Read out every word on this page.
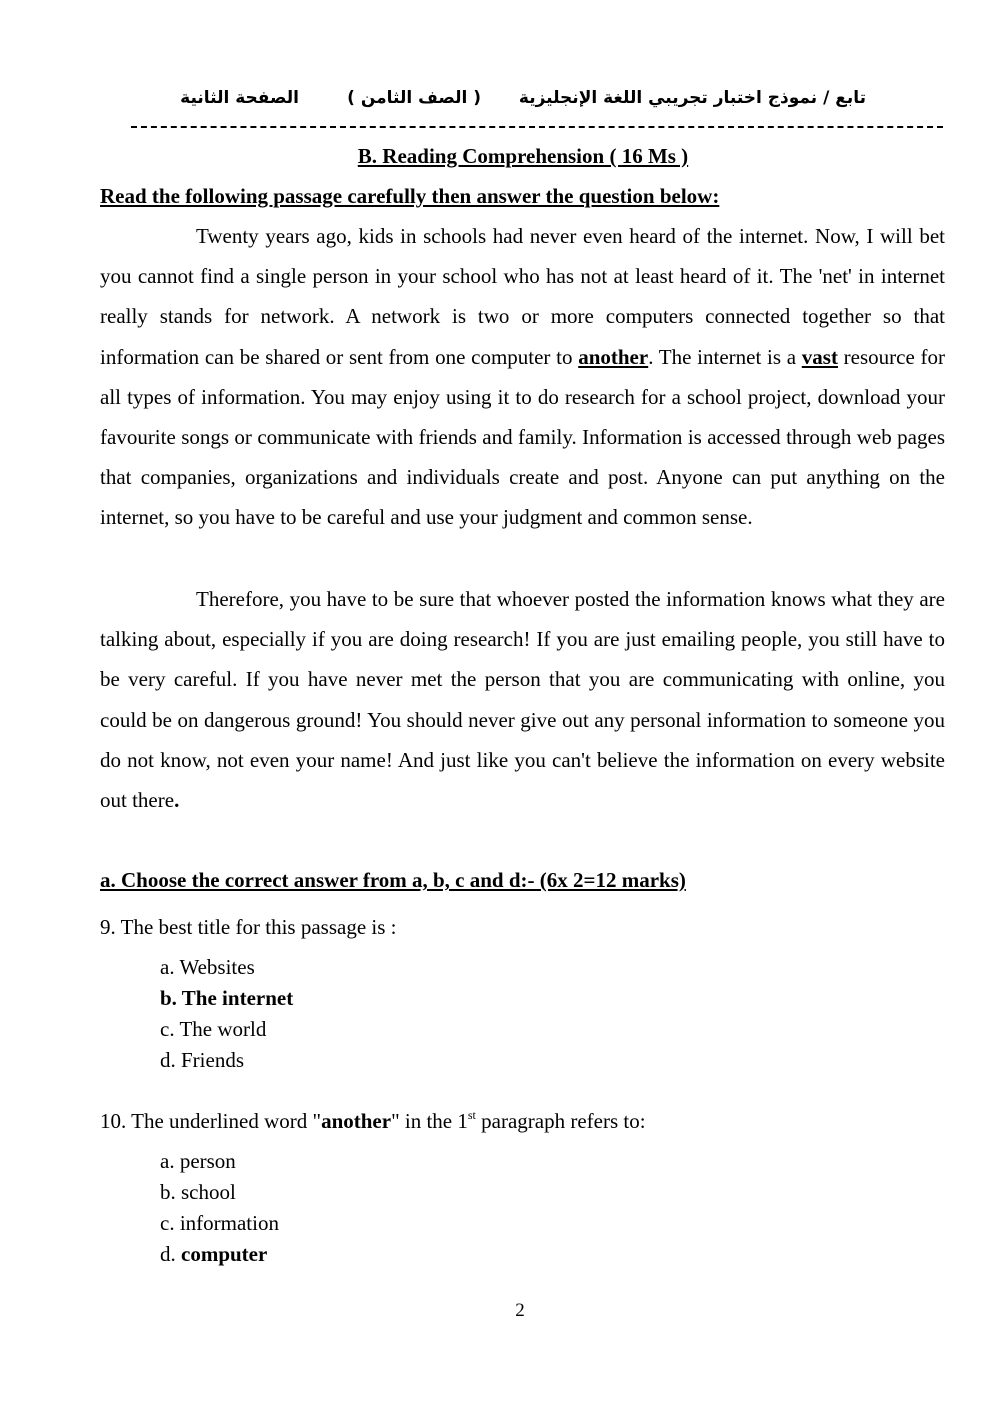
تابع / نموذج اختبار تجريبي اللغة الإنجليزية
( الصف الثامن )
الصفحة الثانية
B. Reading Comprehension ( 16 Ms )
Read the following passage carefully then answer the question below:
Twenty years ago, kids in schools had never even heard of the internet. Now, I will bet you cannot find a single person in your school who has not at least heard of it. The 'net' in internet really stands for network. A network is two or more computers connected together so that information can be shared or sent from one computer to another. The internet is a vast resource for all types of information. You may enjoy using it to do research for a school project, download your favourite songs or communicate with friends and family. Information is accessed through web pages that companies, organizations and individuals create and post. Anyone can put anything on the internet, so you have to be careful and use your judgment and common sense.
Therefore, you have to be sure that whoever posted the information knows what they are talking about, especially if you are doing research! If you are just emailing people, you still have to be very careful. If you have never met the person that you are communicating with online, you could be on dangerous ground! You should never give out any personal information to someone you do not know, not even your name! And just like you can't believe the information on every website out there.
a. Choose the correct answer from a, b, c and d:- (6x 2=12 marks)
9. The best title for this passage is :
a. Websites
b. The internet
c. The world
d. Friends
10. The underlined word "another" in the 1st paragraph refers to:
a. person
b. school
c. information
d. computer
2
